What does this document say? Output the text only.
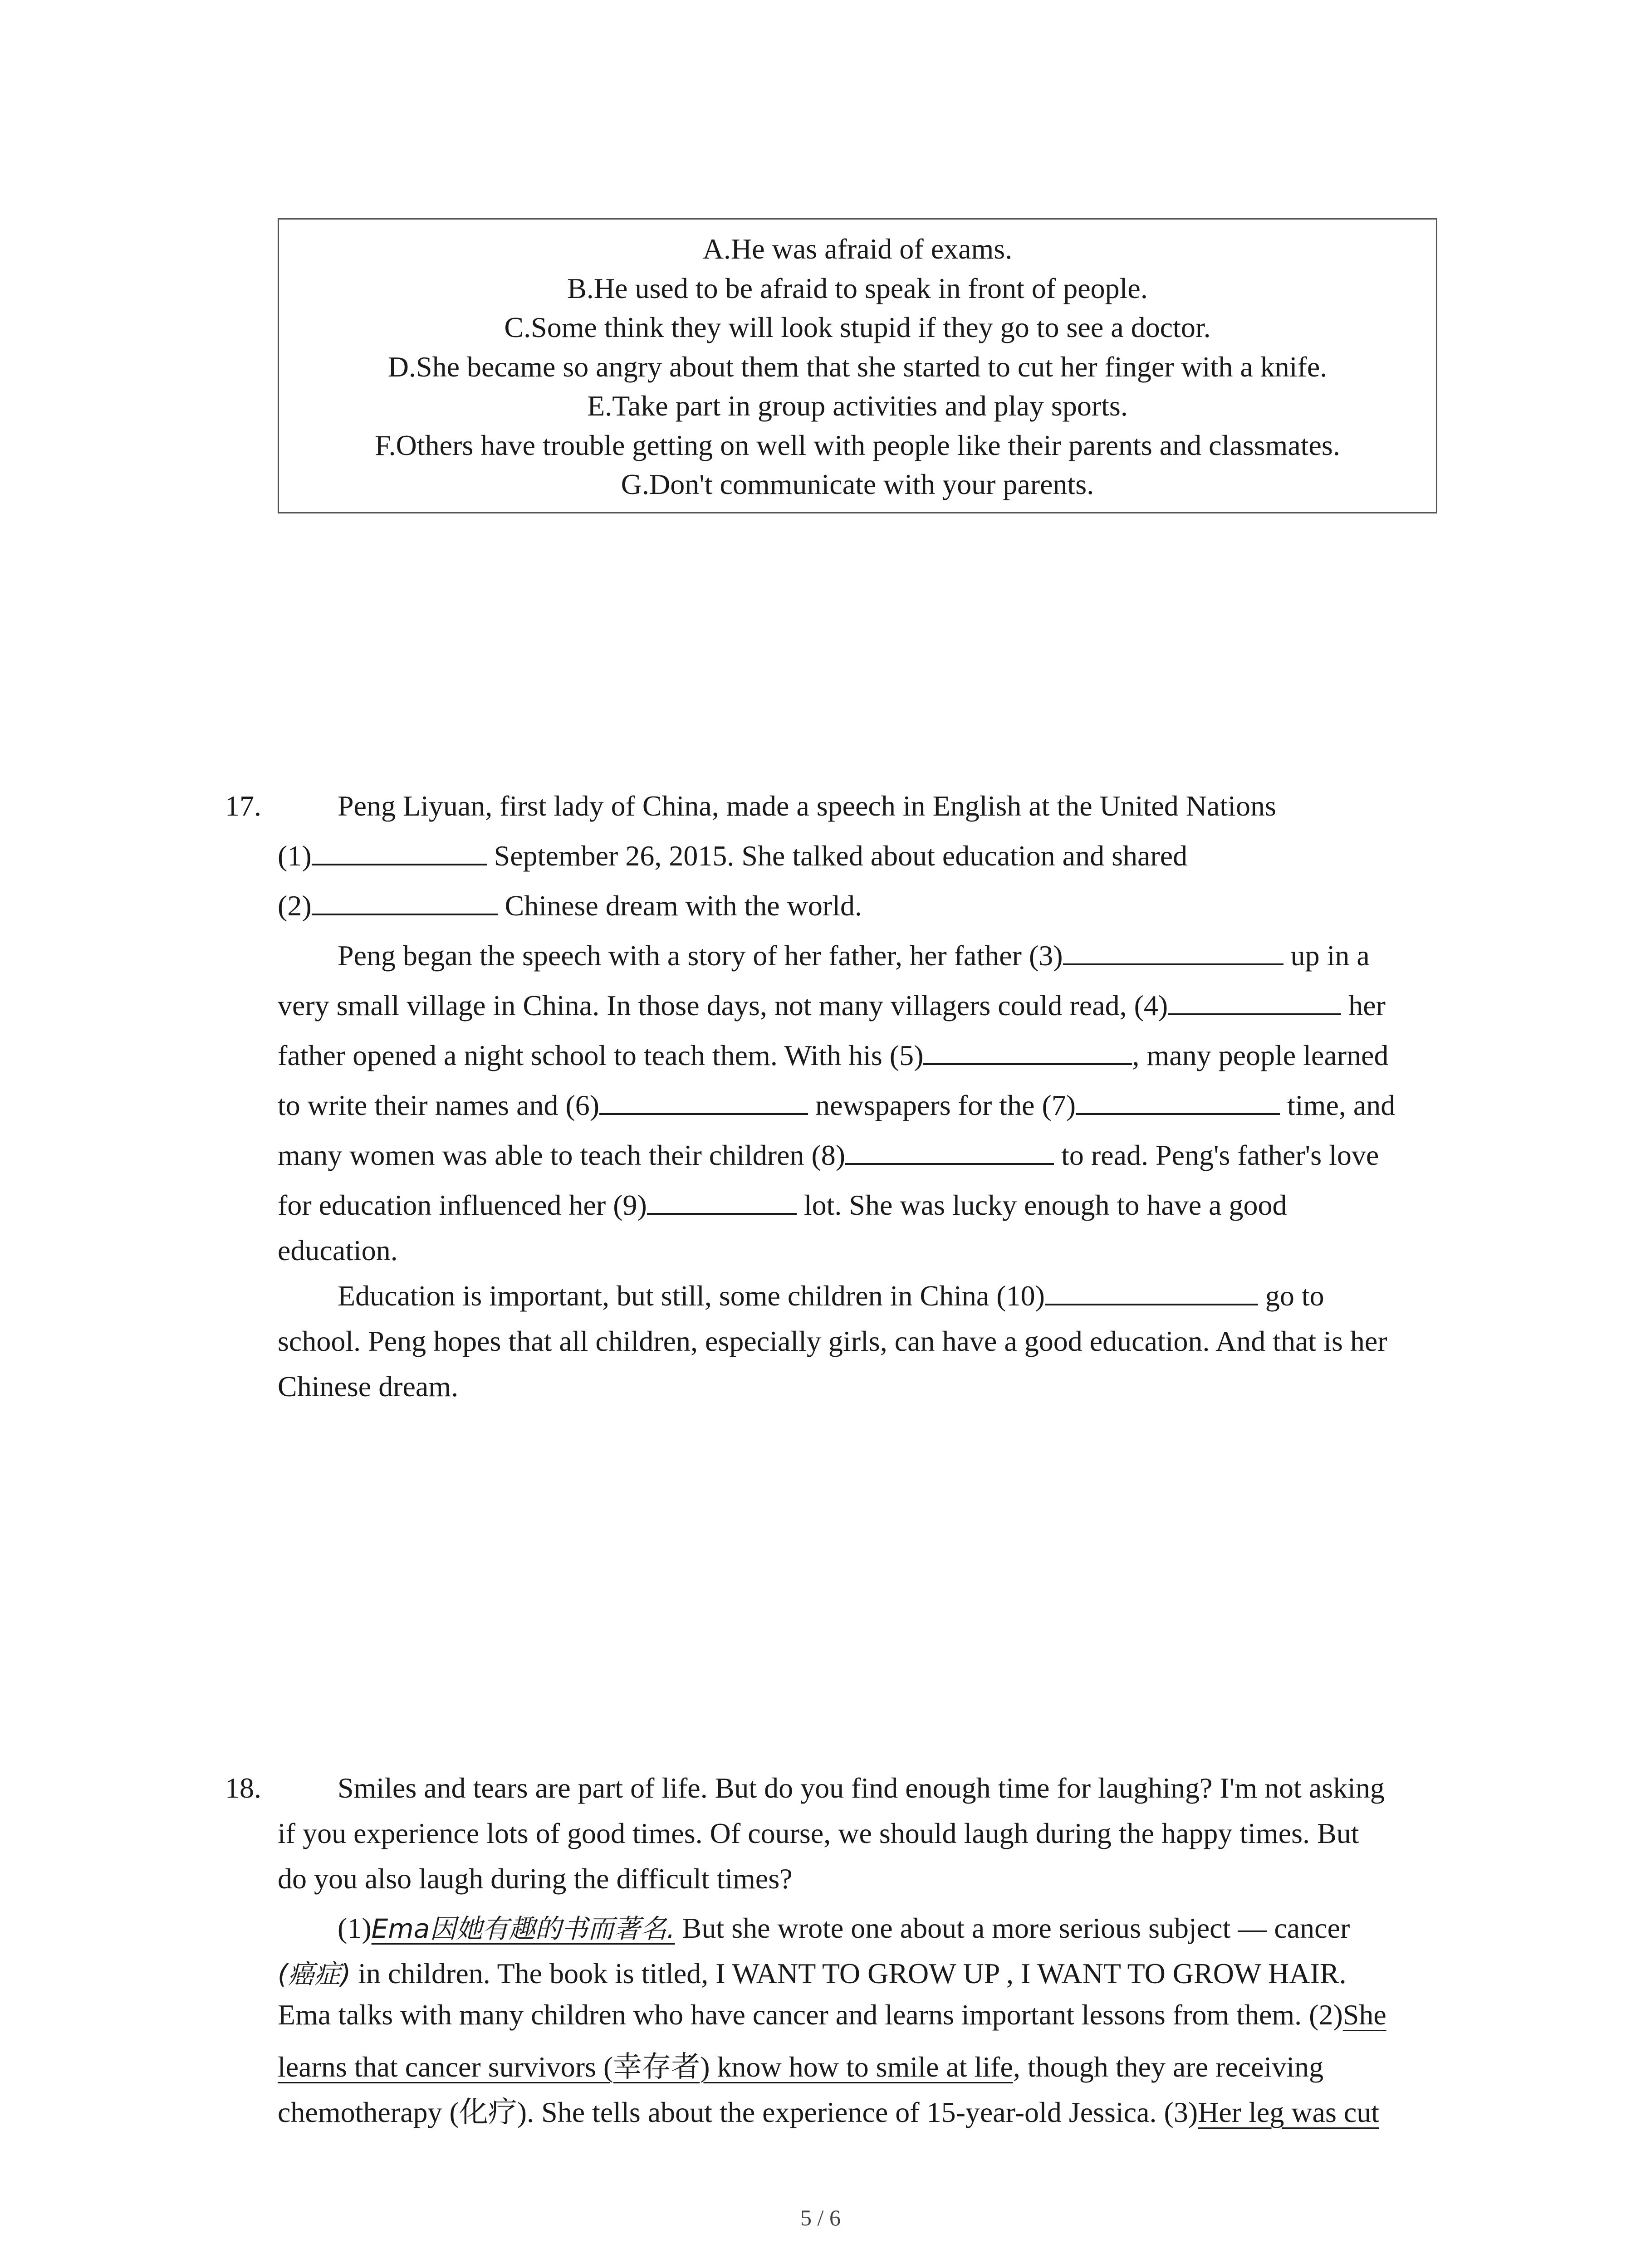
A.He was afraid of exams.
B.He used to be afraid to speak in front of people.
C.Some think they will look stupid if they go to see a doctor.
D.She became so angry about them that she started to cut her finger with a knife.
E.Take part in group activities and play sports.
F.Others have trouble getting on well with people like their parents and classmates.
G.Don't communicate with your parents.
17.	Peng Liyuan, first lady of China, made a speech in English at the United Nations
(1)	September 26, 2015. She talked about education and shared
(2)	Chinese dream with the world.
Peng began the speech with a story of her father, her father (3)	up in a
very small village in China. In those days, not many villagers could read, (4)	her
father opened a night school to teach them. With his (5)	, many people learned
to write their names and (6)	newspapers for the (7)	time, and
many women was able to teach their children (8)	to read. Peng's father's love
for education influenced her (9)	lot. She was lucky enough to have a good
education.
Education is important, but still, some children in China (10)	go to
school. Peng hopes that all children, especially girls, can have a good education. And that is her
Chinese dream.
18.	Smiles and tears are part of life. But do you find enough time for laughing? I'm not asking
if you experience lots of good times. Of course, we should laugh during the happy times. But
do you also laugh during the difficult times?
(1)Ema因她有趣的书而著名. But she wrote one about a more serious subject — cancer
(癌症) in children. The book is titled, I WANT TO GROW UP , I WANT TO GROW HAIR.
Ema talks with many children who have cancer and learns important lessons from them. (2)She
learns that cancer survivors (幸存者) know how to smile at life, though they are receiving
chemotherapy (化疗). She tells about the experience of 15-year-old Jessica. (3)Her leg was cut
5 / 6
